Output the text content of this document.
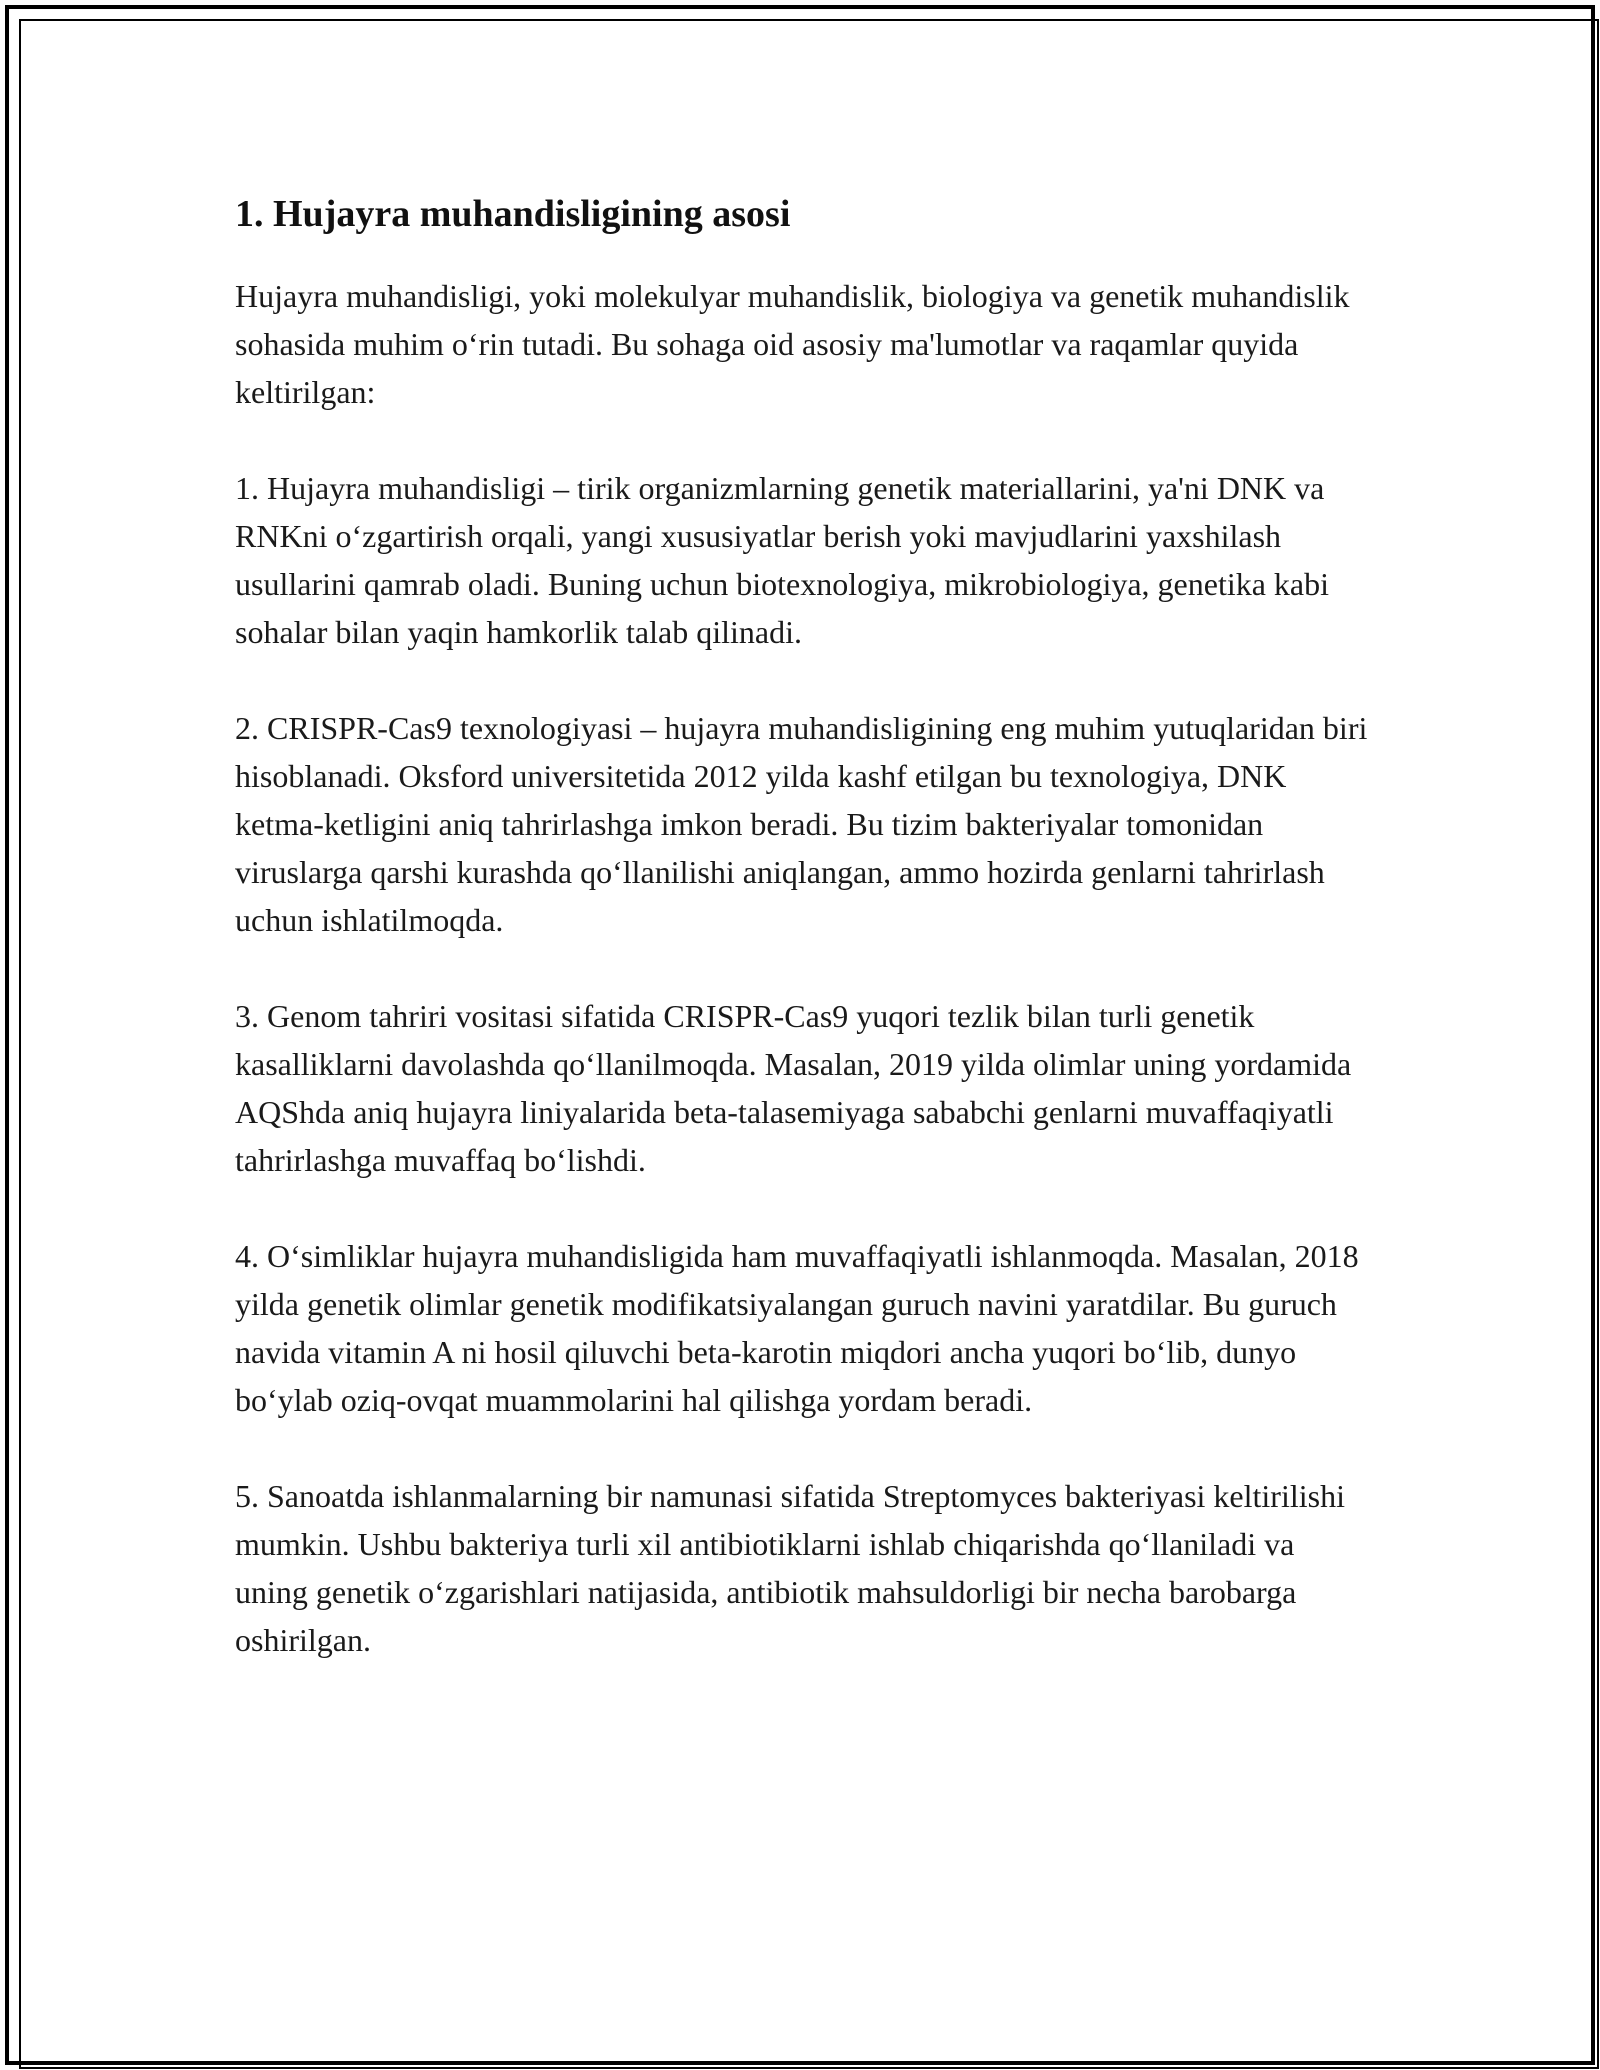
1. Hujayra muhandisligining asosi

Hujayra muhandisligi, yoki molekulyar muhandislik, biologiya va genetik muhandislik sohasida muhim o‘rin tutadi. Bu sohaga oid asosiy ma'lumotlar va raqamlar quyida keltirilgan:

1. Hujayra muhandisligi – tirik organizmlarning genetik materiallarini, ya'ni DNK va RNKni o‘zgartirish orqali, yangi xususiyatlar berish yoki mavjudlarini yaxshilash usullarini qamrab oladi. Buning uchun biotexnologiya, mikrobiologiya, genetika kabi sohalar bilan yaqin hamkorlik talab qilinadi.

2. CRISPR-Cas9 texnologiyasi – hujayra muhandisligining eng muhim yutuqlaridan biri hisoblanadi. Oksford universitetida 2012 yilda kashf etilgan bu texnologiya, DNK ketma-ketligini aniq tahrirlashga imkon beradi. Bu tizim bakteriyalar tomonidan viruslarga qarshi kurashda qo‘llanilishi aniqlangan, ammo hozirda genlarni tahrirlash uchun ishlatilmoqda.

3. Genom tahriri vositasi sifatida CRISPR-Cas9 yuqori tezlik bilan turli genetik kasalliklarni davolashda qo‘llanilmoqda. Masalan, 2019 yilda olimlar uning yordamida AQShda aniq hujayra liniyalarida beta-talasemiyaga sababchi genlarni muvaffaqiyatli tahrirlashga muvaffaq bo‘lishdi.

4. O‘simliklar hujayra muhandisligida ham muvaffaqiyatli ishlanmoqda. Masalan, 2018 yilda genetik olimlar genetik modifikatsiyalangan guruch navini yaratdilar. Bu guruch navida vitamin A ni hosil qiluvchi beta-karotin miqdori ancha yuqori bo‘lib, dunyo bo‘ylab oziq-ovqat muammolarini hal qilishga yordam beradi.

5. Sanoatda ishlanmalarning bir namunasi sifatida Streptomyces bakteriyasi keltirilishi mumkin. Ushbu bakteriya turli xil antibiotiklarni ishlab chiqarishda qo‘llaniladi va uning genetik o‘zgarishlari natijasida, antibiotik mahsuldorligi bir necha barobarga oshirilgan.
